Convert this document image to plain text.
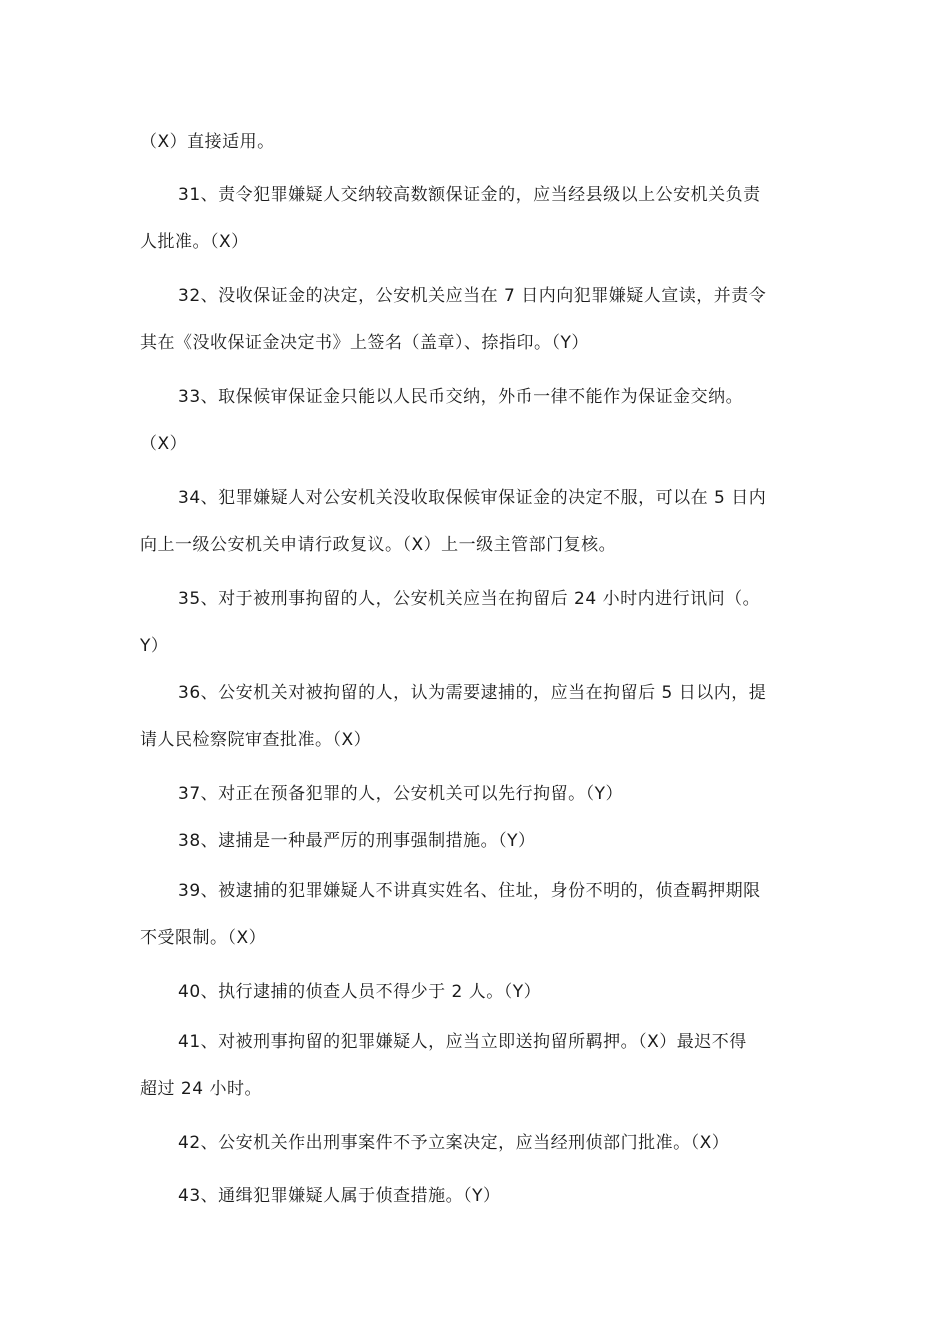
（X）直接适用。
31、责令犯罪嫌疑人交纳较高数额保证金的，应当经县级以上公安机关负责
人批准。（X）
32、没收保证金的决定，公安机关应当在 7 日内向犯罪嫌疑人宣读，并责令
其在《没收保证金决定书》上签名（盖章）、捺指印。（Y）
33、取保候审保证金只能以人民币交纳，外币一律不能作为保证金交纳。
（X）
34、犯罪嫌疑人对公安机关没收取保候审保证金的决定不服，可以在 5 日内
向上一级公安机关申请行政复议。（X）上一级主管部门复核。
35、对于被刑事拘留的人，公安机关应当在拘留后 24 小时内进行讯问（。
Y）
36、公安机关对被拘留的人，认为需要逮捕的，应当在拘留后 5 日以内，提
请人民检察院审查批准。（X）
37、对正在预备犯罪的人，公安机关可以先行拘留。（Y）
38、逮捕是一种最严厉的刑事强制措施。（Y）
39、被逮捕的犯罪嫌疑人不讲真实姓名、住址，身份不明的，侦查羁押期限
不受限制。（X）
40、执行逮捕的侦查人员不得少于 2 人。（Y）
41、对被刑事拘留的犯罪嫌疑人，应当立即送拘留所羁押。（X）最迟不得
超过 24 小时。
42、公安机关作出刑事案件不予立案决定，应当经刑侦部门批准。（X）
43、通缉犯罪嫌疑人属于侦查措施。（Y）
